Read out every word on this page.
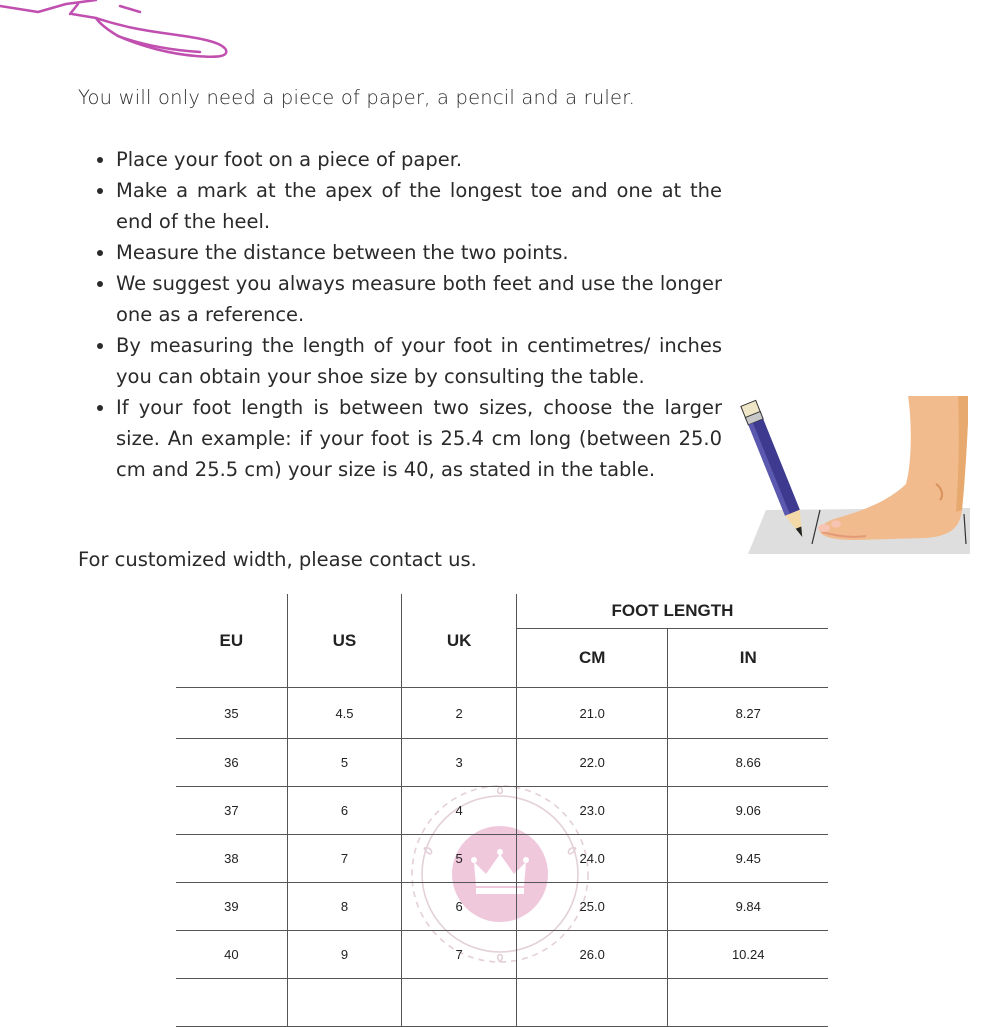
You will only need a piece of paper, a pencil and a ruler.

• Place your foot on a piece of paper.
• Make a mark at the apex of the longest toe and one at the end of the heel.
• Measure the distance between the two points.
• We suggest you always measure both feet and use the longer one as a reference.
• By measuring the length of your foot in centimetres/ inches you can obtain your shoe size by consulting the table.
• If your foot length is between two sizes, choose the larger size. An example: if your foot is 25.4 cm long (between 25.0 cm and 25.5 cm) your size is 40, as stated in the table.

For customized width, please contact us.

EU	US	UK	FOOT LENGTH	
			CM	IN
35	4.5	2	21.0	8.27
36	5	3	22.0	8.66
37	6	4	23.0	9.06
38	7	5	24.0	9.45
39	8	6	25.0	9.84
40	9	7	26.0	10.24
